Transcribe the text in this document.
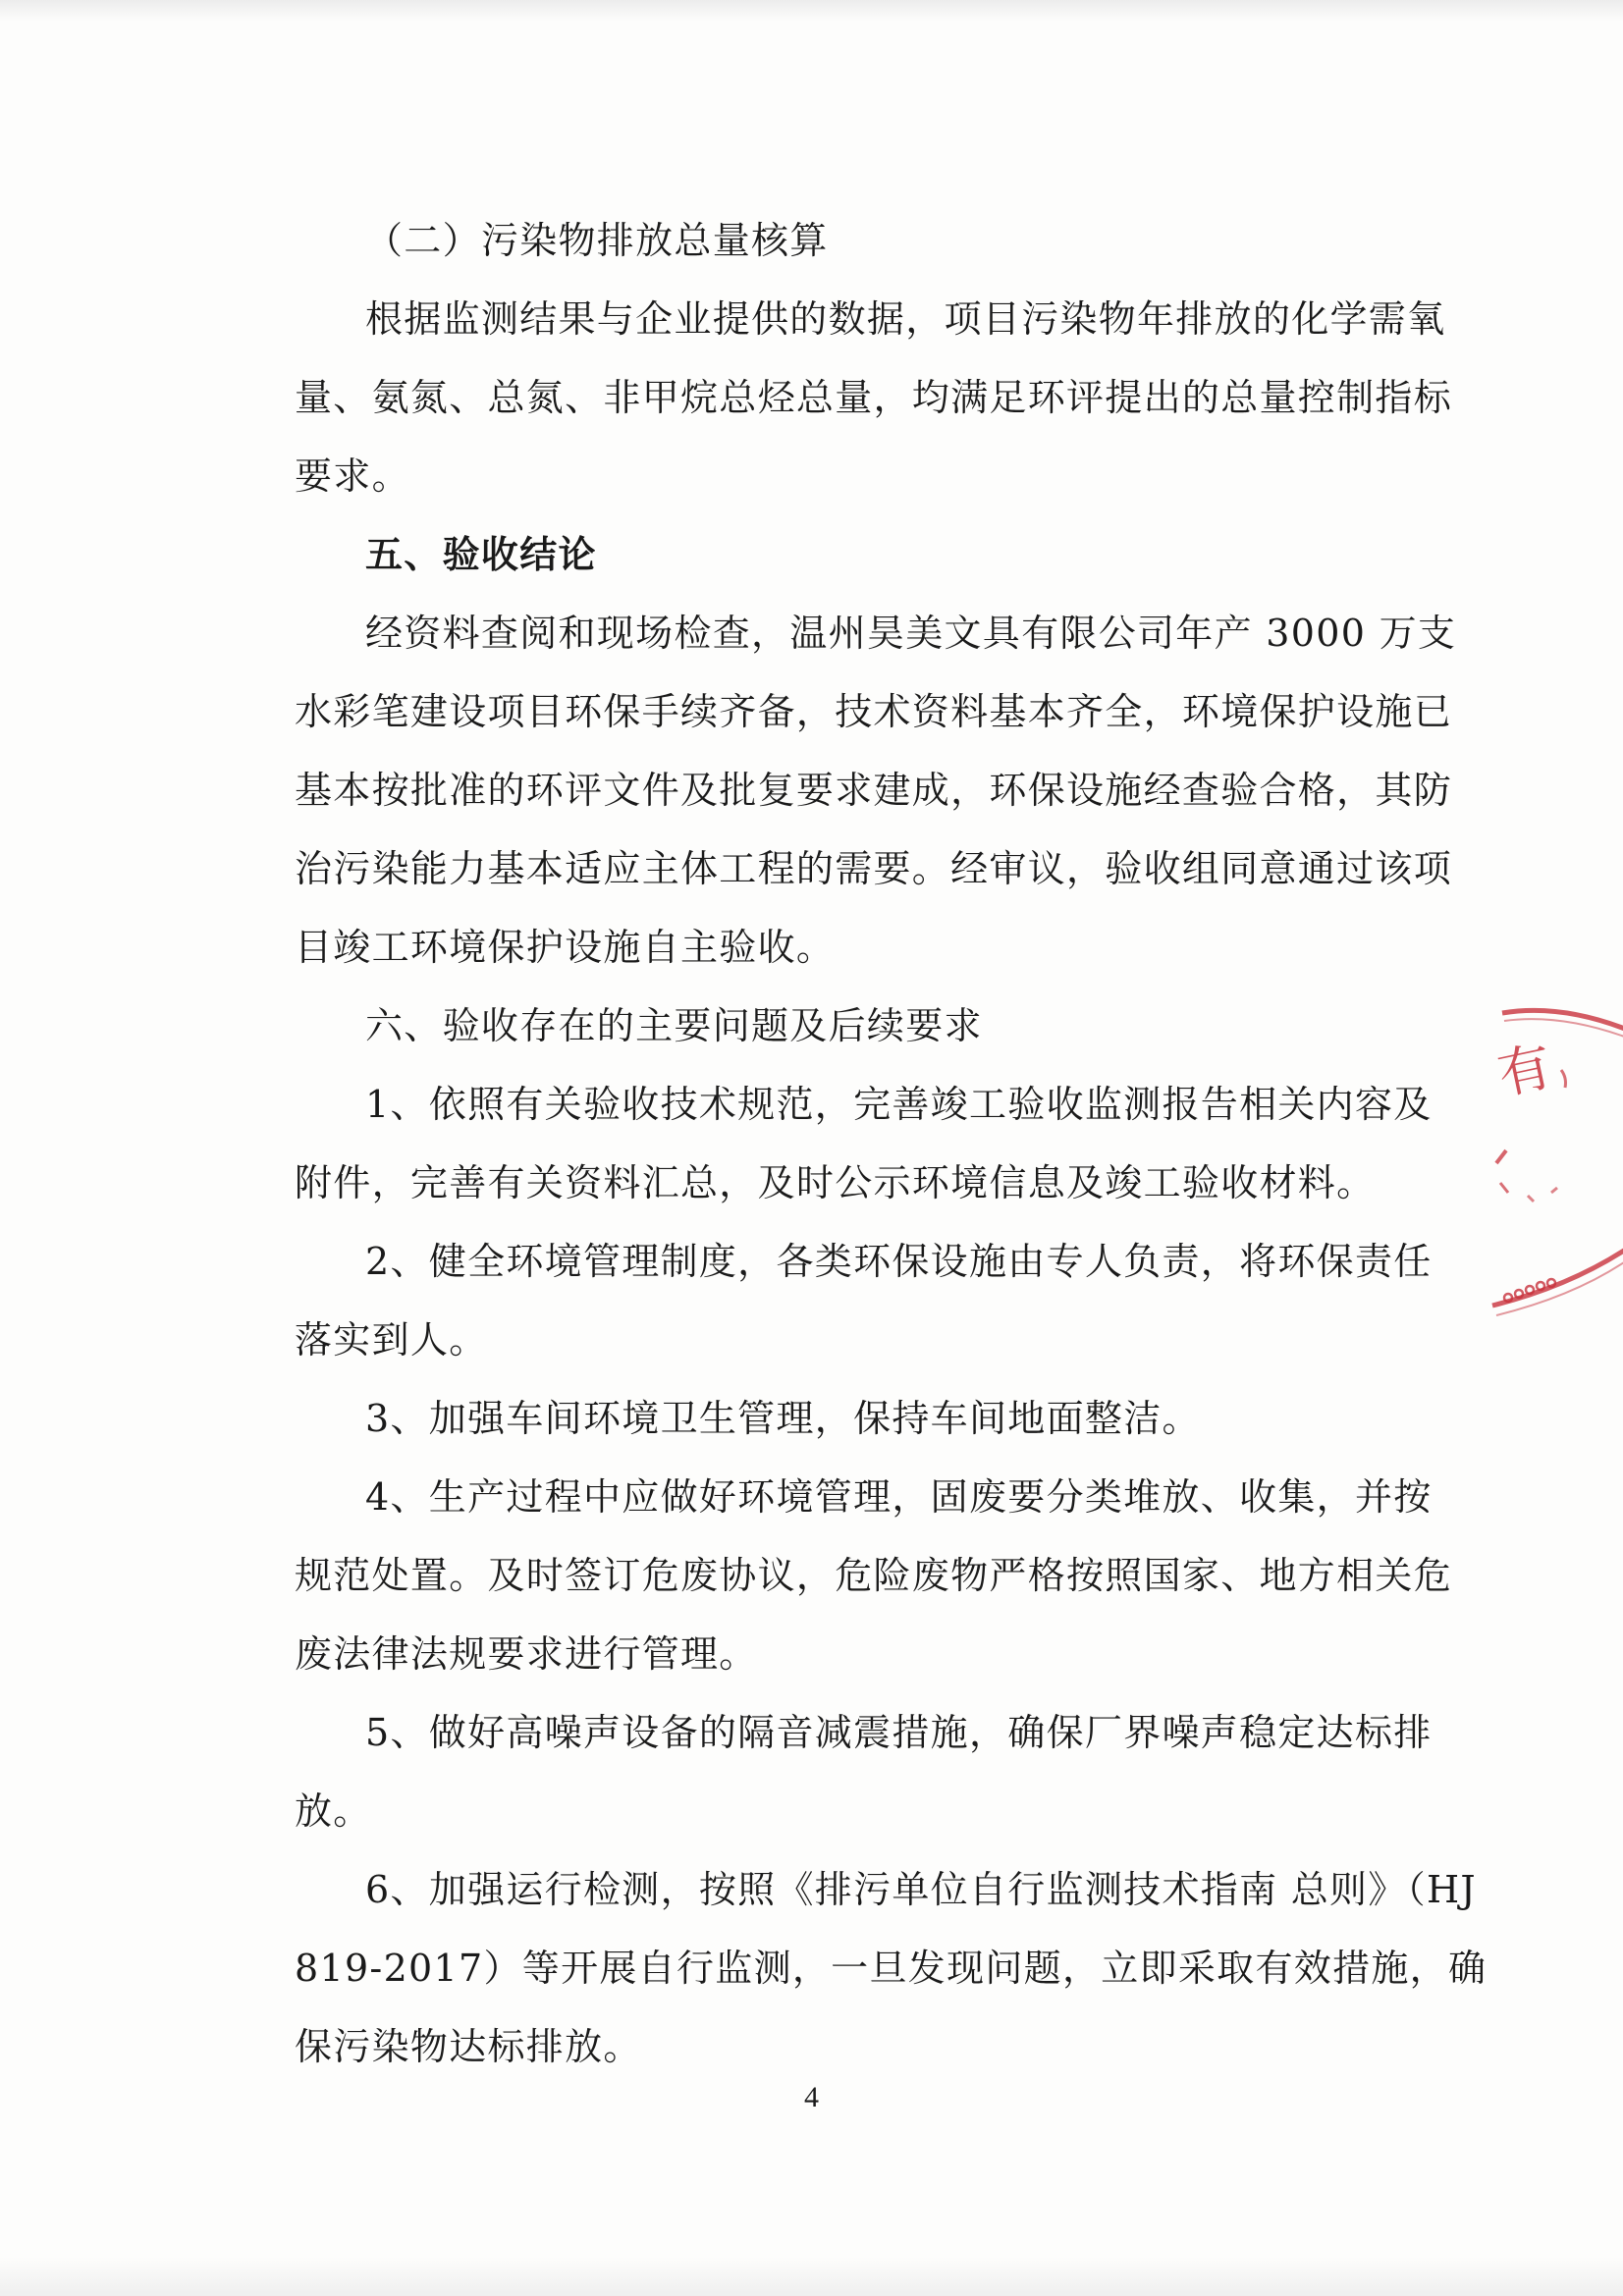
（二）污染物排放总量核算
根据监测结果与企业提供的数据，项目污染物年排放的化学需氧
量、氨氮、总氮、非甲烷总烃总量，均满足环评提出的总量控制指标
要求。
五、验收结论
经资料查阅和现场检查，温州昊美文具有限公司年产 3000 万支
水彩笔建设项目环保手续齐备，技术资料基本齐全，环境保护设施已
基本按批准的环评文件及批复要求建成，环保设施经查验合格，其防
治污染能力基本适应主体工程的需要。经审议，验收组同意通过该项
目竣工环境保护设施自主验收。
六、验收存在的主要问题及后续要求
1、依照有关验收技术规范，完善竣工验收监测报告相关内容及
附件，完善有关资料汇总，及时公示环境信息及竣工验收材料。
2、健全环境管理制度，各类环保设施由专人负责，将环保责任
落实到人。
3、加强车间环境卫生管理，保持车间地面整洁。
4、生产过程中应做好环境管理，固废要分类堆放、收集，并按
规范处置。及时签订危废协议，危险废物严格按照国家、地方相关危
废法律法规要求进行管理。
5、做好高噪声设备的隔音减震措施，确保厂界噪声稳定达标排
放。
6、加强运行检测，按照《排污单位自行监测技术指南 总则》（HJ
819-2017）等开展自行监测，一旦发现问题，立即采取有效措施，确
保污染物达标排放。
4
有
